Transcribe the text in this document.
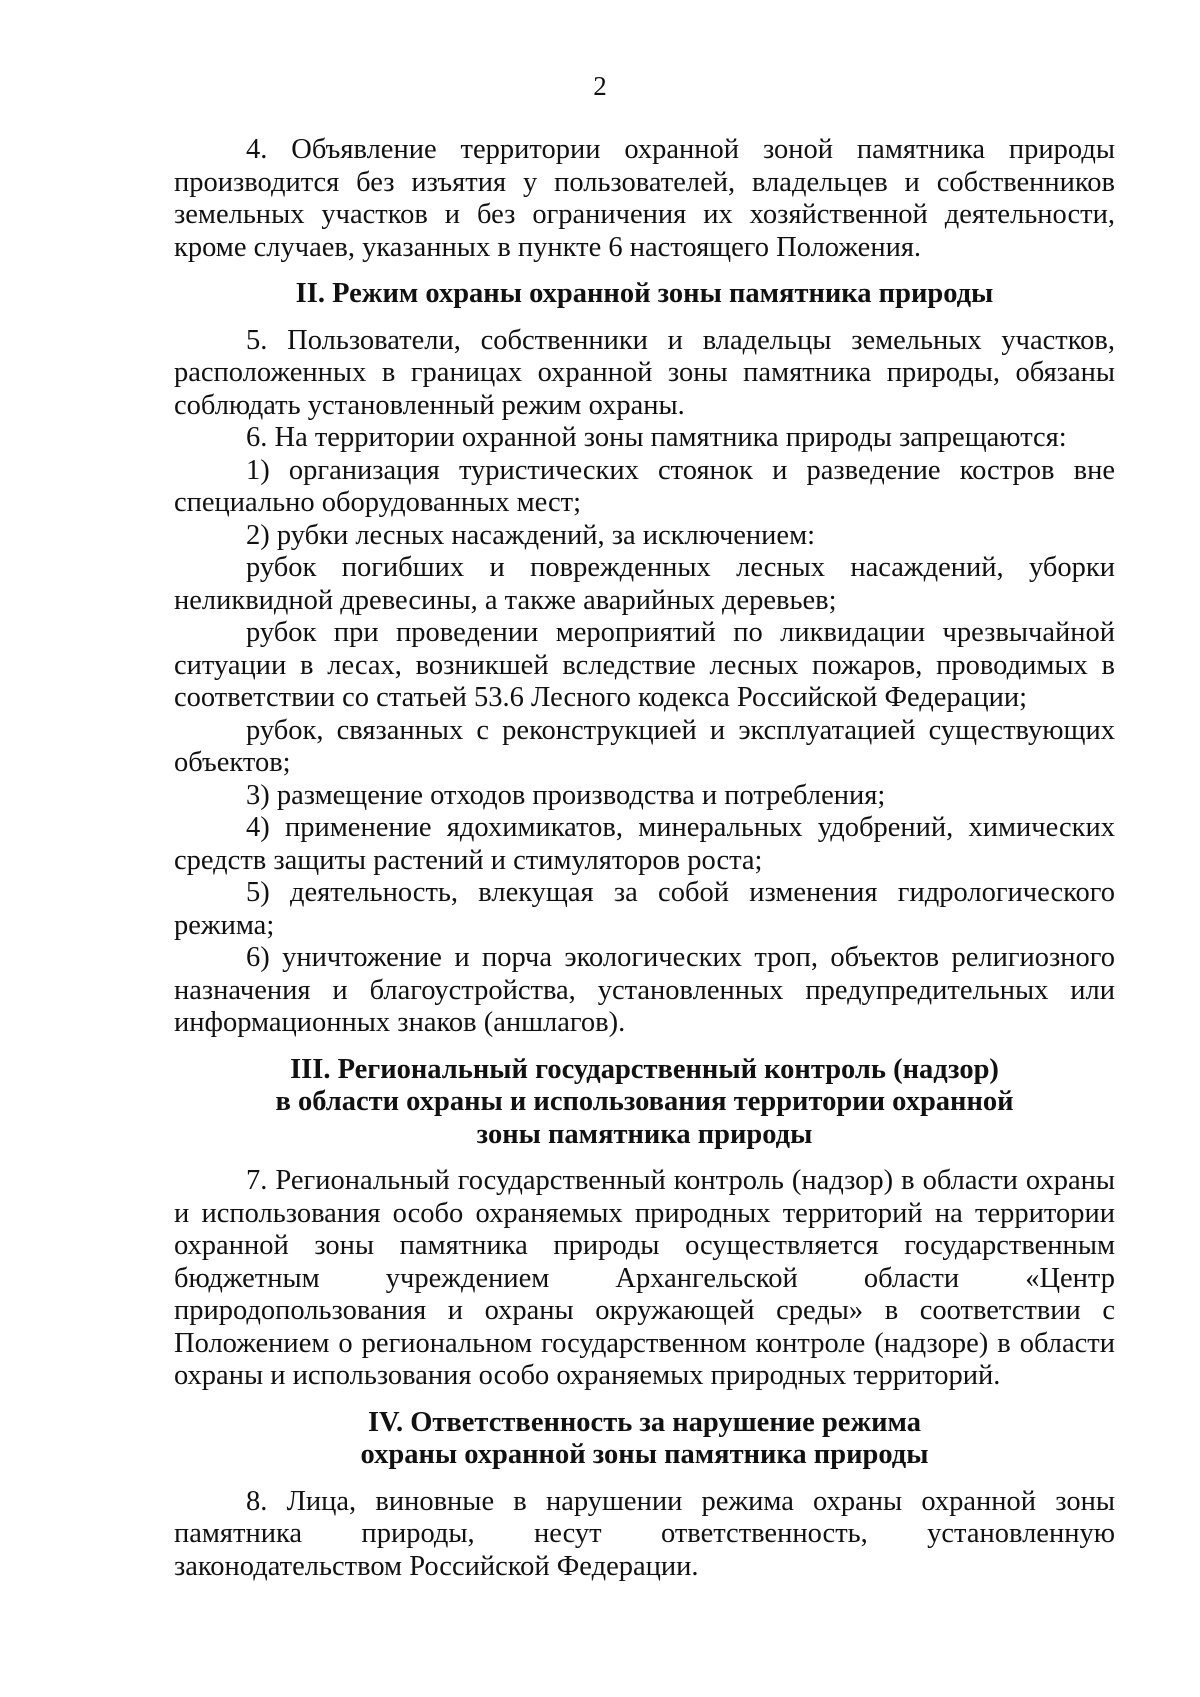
2

4. Объявление территории охранной зоной памятника природы производится без изъятия у пользователей, владельцев и собственников земельных участков и без ограничения их хозяйственной деятельности, кроме случаев, указанных в пункте 6 настоящего Положения.

II. Режим охраны охранной зоны памятника природы

5. Пользователи, собственники и владельцы земельных участков, расположенных в границах охранной зоны памятника природы, обязаны соблюдать установленный режим охраны.

6. На территории охранной зоны памятника природы запрещаются:

1) организация туристических стоянок и разведение костров вне специально оборудованных мест;

2) рубки лесных насаждений, за исключением:

рубок погибших и поврежденных лесных насаждений, уборки неликвидной древесины, а также аварийных деревьев;

рубок при проведении мероприятий по ликвидации чрезвычайной ситуации в лесах, возникшей вследствие лесных пожаров, проводимых в соответствии со статьей 53.6 Лесного кодекса Российской Федерации;

рубок, связанных с реконструкцией и эксплуатацией существующих объектов;

3) размещение отходов производства и потребления;

4) применение ядохимикатов, минеральных удобрений, химических средств защиты растений и стимуляторов роста;

5) деятельность, влекущая за собой изменения гидрологического режима;

6) уничтожение и порча экологических троп, объектов религиозного назначения и благоустройства, установленных предупредительных или информационных знаков (аншлагов).

III. Региональный государственный контроль (надзор)
в области охраны и использования территории охранной
зоны памятника природы

7. Региональный государственный контроль (надзор) в области охраны и использования особо охраняемых природных территорий на территории охранной зоны памятника природы осуществляется государственным бюджетным учреждением Архангельской области «Центр природопользования и охраны окружающей среды» в соответствии с Положением о региональном государственном контроле (надзоре) в области охраны и использования особо охраняемых природных территорий.

IV. Ответственность за нарушение режима
охраны охранной зоны памятника природы

8. Лица, виновные в нарушении режима охраны охранной зоны памятника природы, несут ответственность, установленную законодательством Российской Федерации.
